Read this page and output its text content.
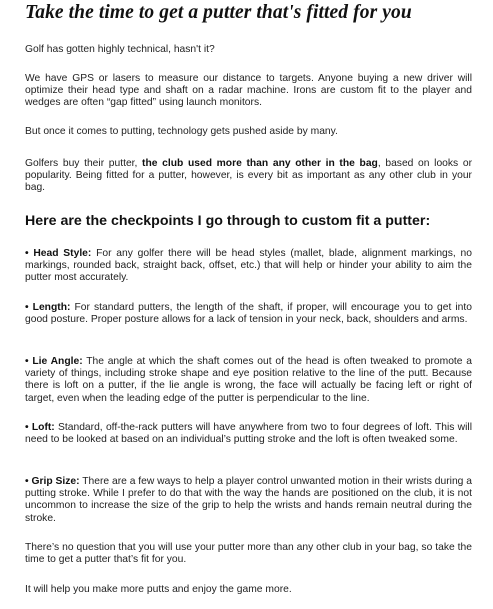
Take the time to get a putter that's fitted for you

Golf has gotten highly technical, hasn't it?

We have GPS or lasers to measure our distance to targets. Anyone buying a new driver will optimize their head type and shaft on a radar machine. Irons are custom fit to the player and wedges are often “gap fitted” using launch monitors.

But once it comes to putting, technology gets pushed aside by many.

Golfers buy their putter, the club used more than any other in the bag, based on looks or popularity. Being fitted for a putter, however, is every bit as important as any other club in your bag.

Here are the checkpoints I go through to custom fit a putter:

• Head Style: For any golfer there will be head styles (mallet, blade, alignment markings, no markings, rounded back, straight back, offset, etc.) that will help or hinder your ability to aim the putter most accurately.

• Length: For standard putters, the length of the shaft, if proper, will encourage you to get into good posture. Proper posture allows for a lack of tension in your neck, back, shoulders and arms.

• Lie Angle: The angle at which the shaft comes out of the head is often tweaked to promote a variety of things, including stroke shape and eye position relative to the line of the putt. Because there is loft on a putter, if the lie angle is wrong, the face will actually be facing left or right of target, even when the leading edge of the putter is perpendicular to the line.

• Loft: Standard, off-the-rack putters will have anywhere from two to four degrees of loft. This will need to be looked at based on an individual’s putting stroke and the loft is often tweaked some.

• Grip Size: There are a few ways to help a player control unwanted motion in their wrists during a putting stroke. While I prefer to do that with the way the hands are positioned on the club, it is not uncommon to increase the size of the grip to help the wrists and hands remain neutral during the stroke.

There’s no question that you will use your putter more than any other club in your bag, so take the time to get a putter that’s fit for you.

It will help you make more putts and enjoy the game more.
